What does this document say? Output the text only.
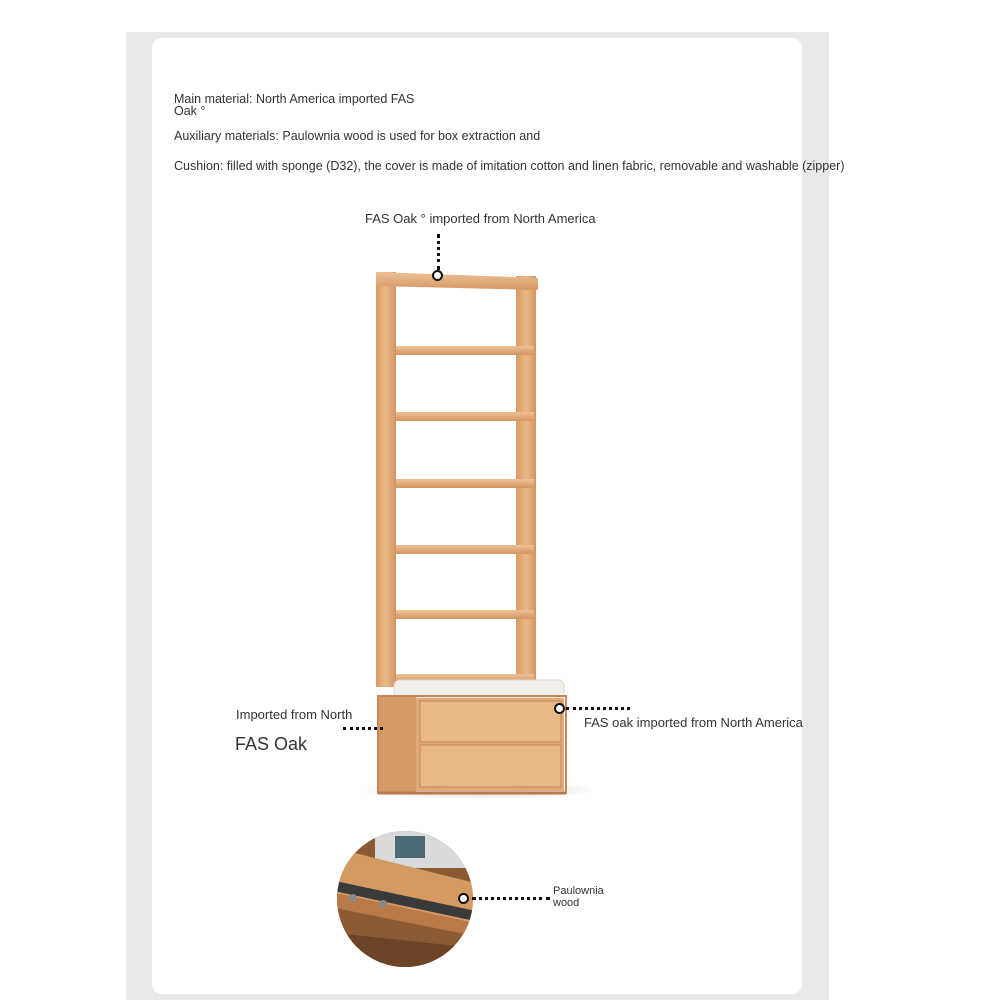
Main material: North America imported FAS
Oak °
Auxiliary materials: Paulownia wood is used for box extraction and
Cushion: filled with sponge (D32), the cover is made of imitation cotton and linen fabric, removable and washable (zipper)
FAS Oak ° imported from North America
Imported from North
FAS Oak
FAS oak imported from North America
Paulownia wood
